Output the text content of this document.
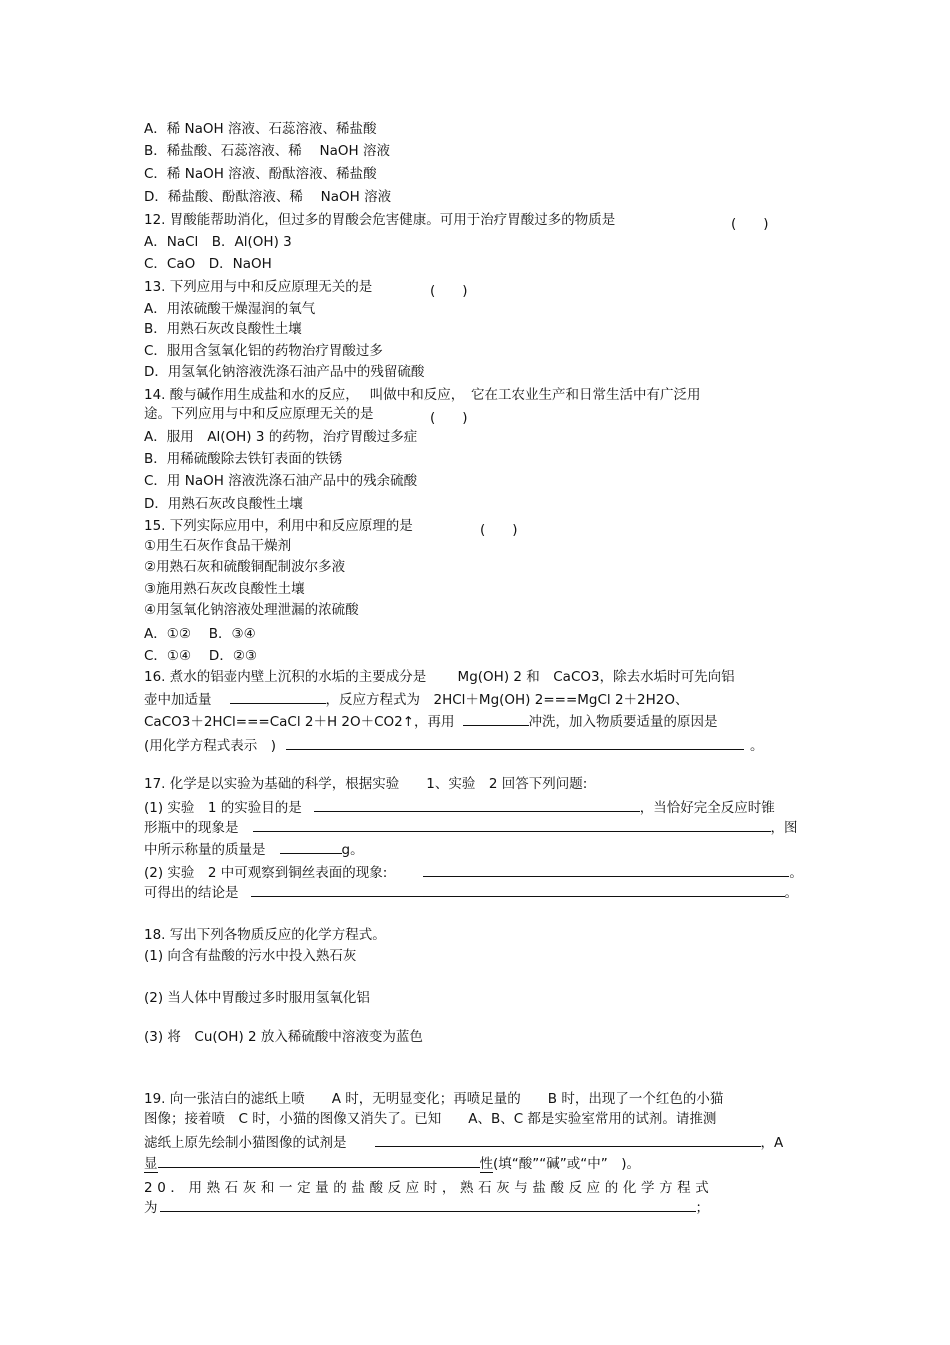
A．稀 NaOH 溶液、石蕊溶液、稀盐酸
B．稀盐酸、石蕊溶液、稀　 NaOH 溶液
C．稀 NaOH 溶液、酚酞溶液、稀盐酸
D．稀盐酸、酚酞溶液、稀　 NaOH 溶液
12. 胃酸能帮助消化，但过多的胃酸会危害健康。可用于治疗胃酸过多的物质是	(　　)
A．NaCl　B．Al(OH) 3
C．CaO　D．NaOH
13. 下列应用与中和反应原理无关的是	(　　)
A．用浓硫酸干燥湿润的氧气
B．用熟石灰改良酸性土壤
C．服用含氢氧化铝的药物治疗胃酸过多
D．用氢氧化钠溶液洗涤石油产品中的残留硫酸
14. 酸与碱作用生成盐和水的反应，　 叫做中和反应，　它在工农业生产和日常生活中有广泛用
途。下列应用与中和反应原理无关的是	(　　)
A．服用　Al(OH) 3 的药物，治疗胃酸过多症
B．用稀硫酸除去铁钉表面的铁锈
C．用 NaOH 溶液洗涤石油产品中的残余硫酸
D．用熟石灰改良酸性土壤
15. 下列实际应用中，利用中和反应原理的是	(　　)
①用生石灰作食品干燥剂
②用熟石灰和硫酸铜配制波尔多液
③施用熟石灰改良酸性土壤
④用氢氧化钠溶液处理泄漏的浓硫酸
A．①②　 B．③④
C．①④　 D．②③
16. 煮水的铝壶内壁上沉积的水垢的主要成分是　　 Mg(OH) 2 和　CaCO3，除去水垢时可先向铝
壶中加适量	，反应方程式为　2HCl＋Mg(OH) 2===MgCl 2＋2H2O、
CaCO3＋2HCl===CaCl 2＋H 2O＋CO2↑，再用	冲洗，加入物质要适量的原因是
(用化学方程式表示　)	。
17. 化学是以实验为基础的科学，根据实验　　1、实验　2 回答下列问题:
(1) 实验　1 的实验目的是	，当恰好完全反应时锥
形瓶中的现象是	，图
中所示称量的质量是	g。
(2) 实验　2 中可观察到铜丝表面的现象:	。
可得出的结论是	。
18. 写出下列各物质反应的化学方程式。
(1) 向含有盐酸的污水中投入熟石灰
(2) 当人体中胃酸过多时服用氢氧化铝
(3) 将　Cu(OH) 2 放入稀硫酸中溶液变为蓝色
19. 向一张洁白的滤纸上喷　　A 时，无明显变化；再喷足量的　　B 时，出现了一个红色的小猫
图像；接着喷　C 时，小猫的图像又消失了。已知　　A、B、C 都是实验室常用的试剂。请推测
滤纸上原先绘制小猫图像的试剂是	，A
显	性(填“酸”“碱”或“中”　)。
20．用熟石灰和一定量的盐酸反应时，熟石灰与盐酸反应的化学方程式
为	；
